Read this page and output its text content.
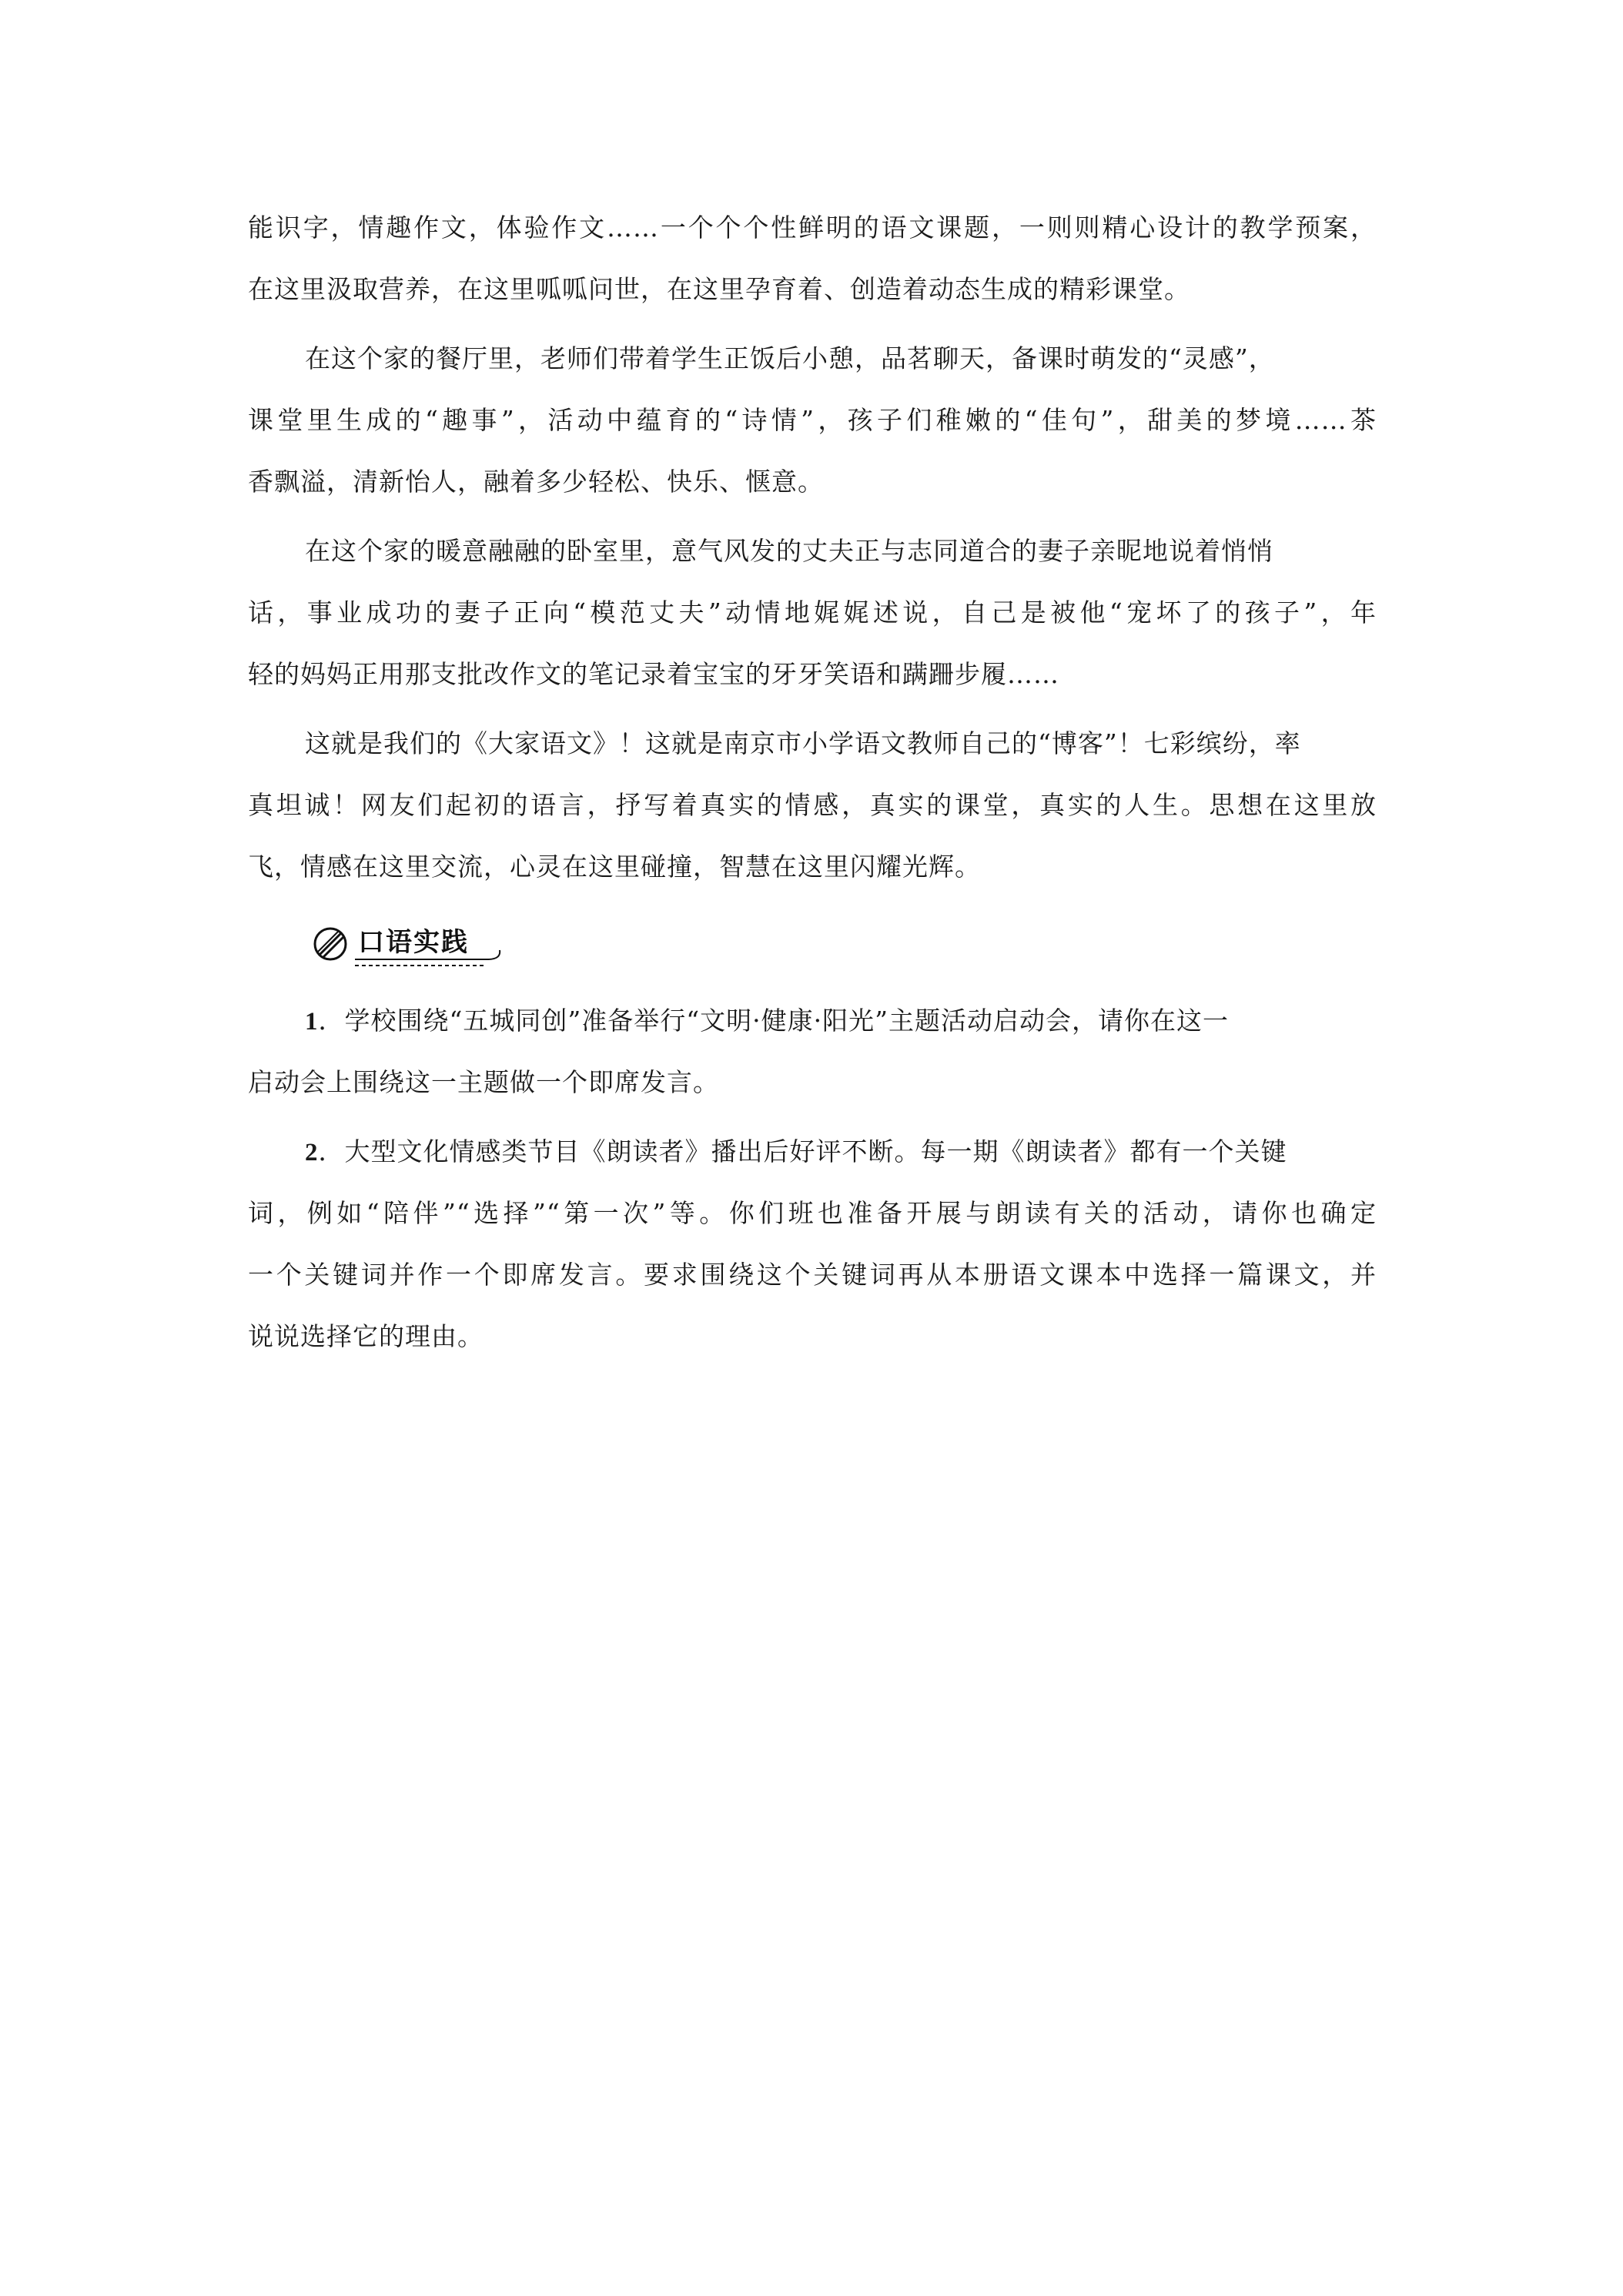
能识字，情趣作文，体验作文……一个个个性鲜明的语文课题，一则则精心设计的教学预案，
在这里汲取营养，在这里呱呱问世，在这里孕育着、创造着动态生成的精彩课堂。
在这个家的餐厅里，老师们带着学生正饭后小憩，品茗聊天，备课时萌发的“灵感”，
课堂里生成的“趣事”，活动中蕴育的“诗情”，孩子们稚嫩的“佳句”，甜美的梦境……茶
香飘溢，清新怡人，融着多少轻松、快乐、惬意。
在这个家的暖意融融的卧室里，意气风发的丈夫正与志同道合的妻子亲昵地说着悄悄
话，事业成功的妻子正向“模范丈夫”动情地娓娓述说，自己是被他“宠坏了的孩子”，年
轻的妈妈正用那支批改作文的笔记录着宝宝的牙牙笑语和蹒跚步履……
这就是我们的《大家语文》！这就是南京市小学语文教师自己的“博客”！七彩缤纷，率
真坦诚！网友们起初的语言，抒写着真实的情感，真实的课堂，真实的人生。思想在这里放
飞，情感在这里交流，心灵在这里碰撞，智慧在这里闪耀光辉。
口语实践
1．学校围绕“五城同创”准备举行“文明·健康·阳光”主题活动启动会，请你在这一
启动会上围绕这一主题做一个即席发言。
2．大型文化情感类节目《朗读者》播出后好评不断。每一期《朗读者》都有一个关键
词，例如“陪伴”“选择”“第一次”等。你们班也准备开展与朗读有关的活动，请你也确定
一个关键词并作一个即席发言。要求围绕这个关键词再从本册语文课本中选择一篇课文，并
说说选择它的理由。
